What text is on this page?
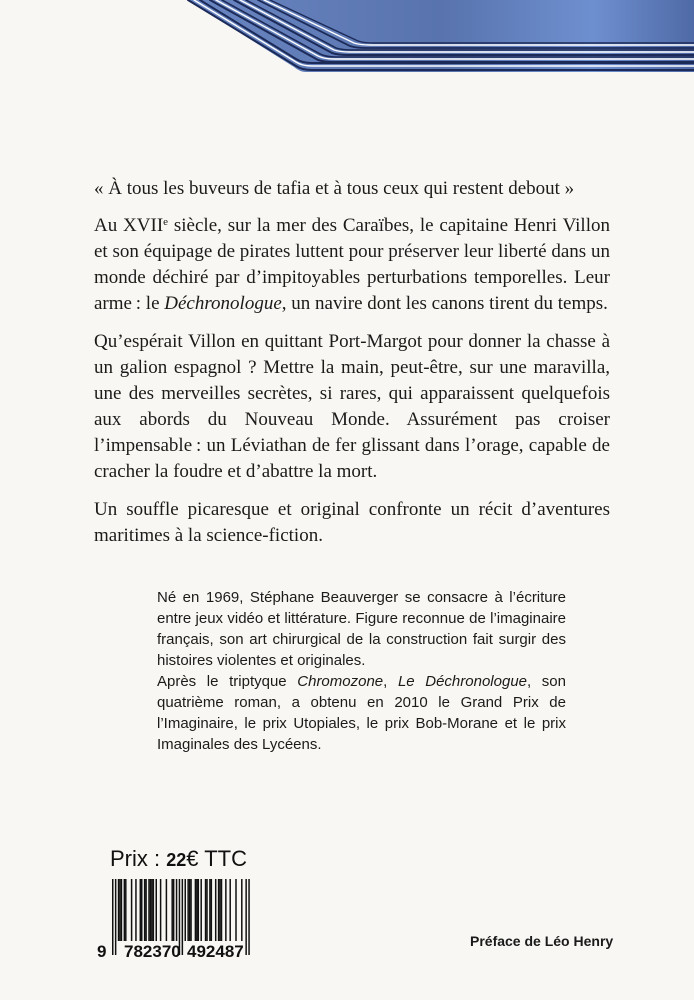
« À tous les buveurs de tafia et à tous ceux qui restent debout »

Au XVIIe siècle, sur la mer des Caraïbes, le capitaine Henri Villon et son équipage de pirates luttent pour préserver leur liberté dans un monde déchiré par d’impitoyables perturbations temporelles. Leur arme : le Déchronologue, un navire dont les canons tirent du temps.

Qu’espérait Villon en quittant Port-Margot pour donner la chasse à un galion espagnol ? Mettre la main, peut-être, sur une maravilla, une des merveilles secrètes, si rares, qui apparaissent quelquefois aux abords du Nouveau Monde. Assurément pas croiser l’impensable : un Léviathan de fer glissant dans l’orage, capable de cracher la foudre et d’abattre la mort.

Un souffle picaresque et original confronte un récit d’aventures maritimes à la science-fiction.

Né en 1969, Stéphane Beauverger se consacre à l’écriture entre jeux vidéo et littérature. Figure reconnue de l’imaginaire français, son art chirurgical de la construction fait surgir des histoires violentes et originales.

Après le triptyque Chromozone, Le Déchronologue, son quatrième roman, a obtenu en 2010 le Grand Prix de l’Imaginaire, le prix Utopiales, le prix Bob-Morane et le prix Imaginales des Lycéens.

Prix : 22€ TTC
9	782370 492487
Préface de Léo Henry
